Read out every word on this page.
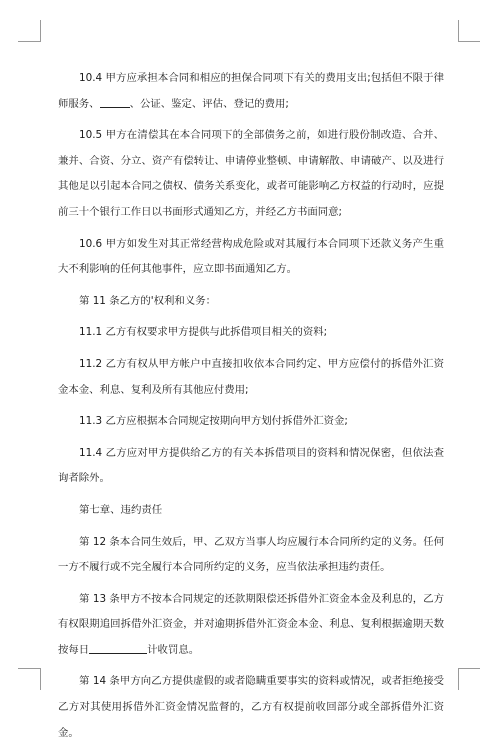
10.4 甲方应承担本合同和相应的担保合同项下有关的费用支出;包括但不限于律师服务、	、公证、鉴定、评估、登记的费用;

10.5 甲方在清偿其在本合同项下的全部债务之前，如进行股份制改造、合并、兼并、合资、分立、资产有偿转让、申请停业整顿、申请解散、申请破产、以及进行其他足以引起本合同之债权、债务关系变化，或者可能影响乙方权益的行动时，应提前三十个银行工作日以书面形式通知乙方，并经乙方书面同意;

10.6 甲方如发生对其正常经营构成危险或对其履行本合同项下还款义务产生重大不利影响的任何其他事件，应立即书面通知乙方。

第 11 条乙方的'权利和义务：

11.1 乙方有权要求甲方提供与此拆借项目相关的资料;

11.2 乙方有权从甲方帐户中直接扣收依本合同约定、甲方应偿付的拆借外汇资金本金、利息、复利及所有其他应付费用;

11.3 乙方应根据本合同规定按期向甲方划付拆借外汇资金;

11.4 乙方应对甲方提供给乙方的有关本拆借项目的资料和情况保密，但依法查询者除外。

第七章、违约责任

第 12 条本合同生效后，甲、乙双方当事人均应履行本合同所约定的义务。任何一方不履行或不完全履行本合同所约定的义务，应当依法承担违约责任。

第 13 条甲方不按本合同规定的还款期限偿还拆借外汇资金本金及利息的，乙方有权限期追回拆借外汇资金，并对逾期拆借外汇资金本金、利息、复利根据逾期天数按每日	计收罚息。

第 14 条甲方向乙方提供虚假的或者隐瞒重要事实的资料或情况，或者拒绝接受乙方对其使用拆借外汇资金情况监督的，乙方有权提前收回部分或全部拆借外汇资金。
